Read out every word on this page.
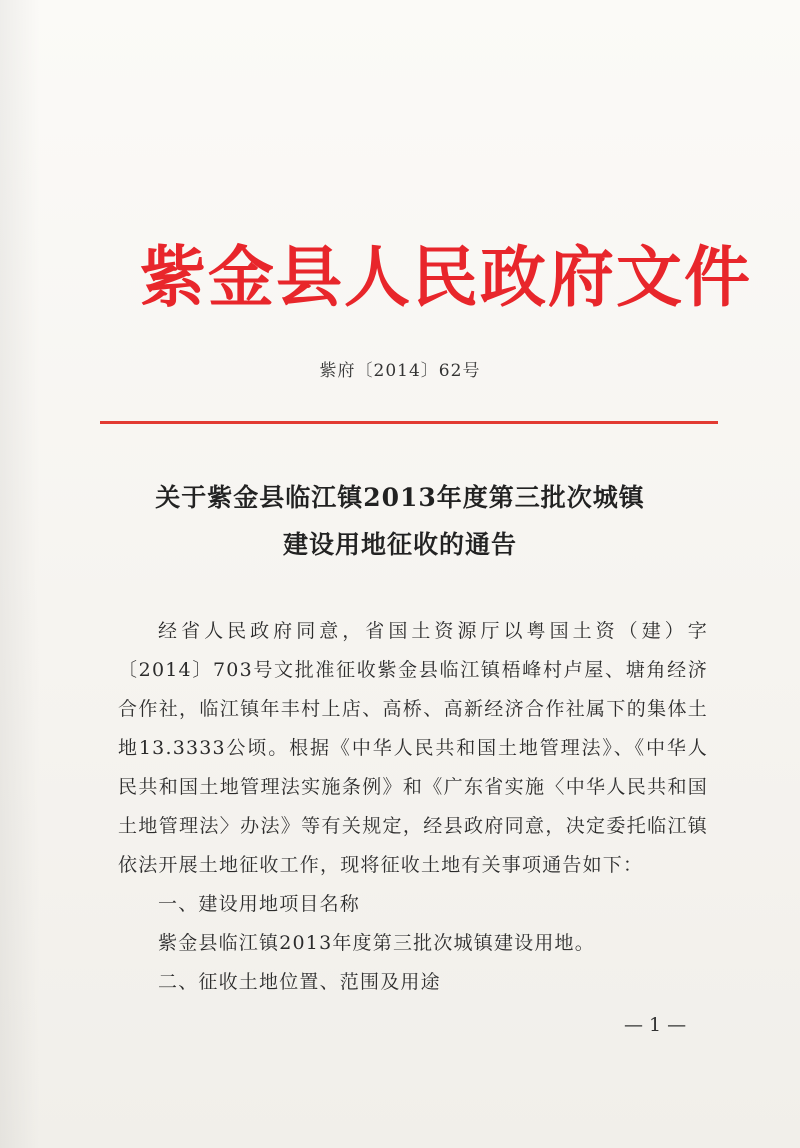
紫金县人民政府文件
紫府〔2014〕62号
关于紫金县临江镇2013年度第三批次城镇
建设用地征收的通告

经省人民政府同意，省国土资源厅以粤国土资（建）字〔2014〕703号文批准征收紫金县临江镇梧峰村卢屋、塘角经济合作社，临江镇年丰村上店、高桥、高新经济合作社属下的集体土地13.3333公顷。根据《中华人民共和国土地管理法》、《中华人民共和国土地管理法实施条例》和《广东省实施〈中华人民共和国土地管理法〉办法》等有关规定，经县政府同意，决定委托临江镇依法开展土地征收工作，现将征收土地有关事项通告如下：

一、建设用地项目名称

紫金县临江镇2013年度第三批次城镇建设用地。

二、征收土地位置、范围及用途

— 1 —
